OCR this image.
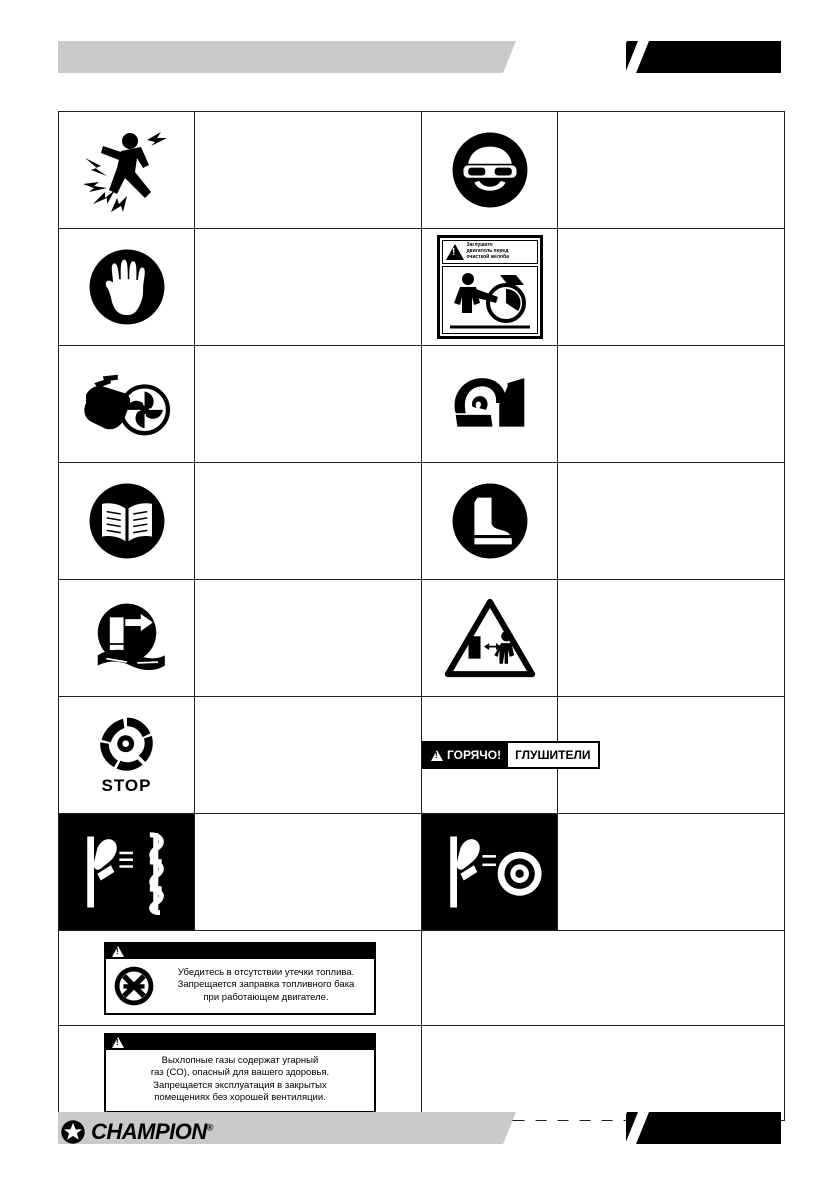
!
Заглушите
двигатель перед
очисткой желоба

STOP

!
ГОРЯЧО! ГЛУШИТЕЛИ

!
Убедитесь в отсутствии утечки топлива.
Запрещается заправка топливного бака
при работающем двигателе.

!
Выхлопные газы содержат угарный
газ (CO), опасный для вашего здоровья.
Запрещается эксплуатация в закрытых
помещениях без хорошей вентиляции.

CHAMPION®
